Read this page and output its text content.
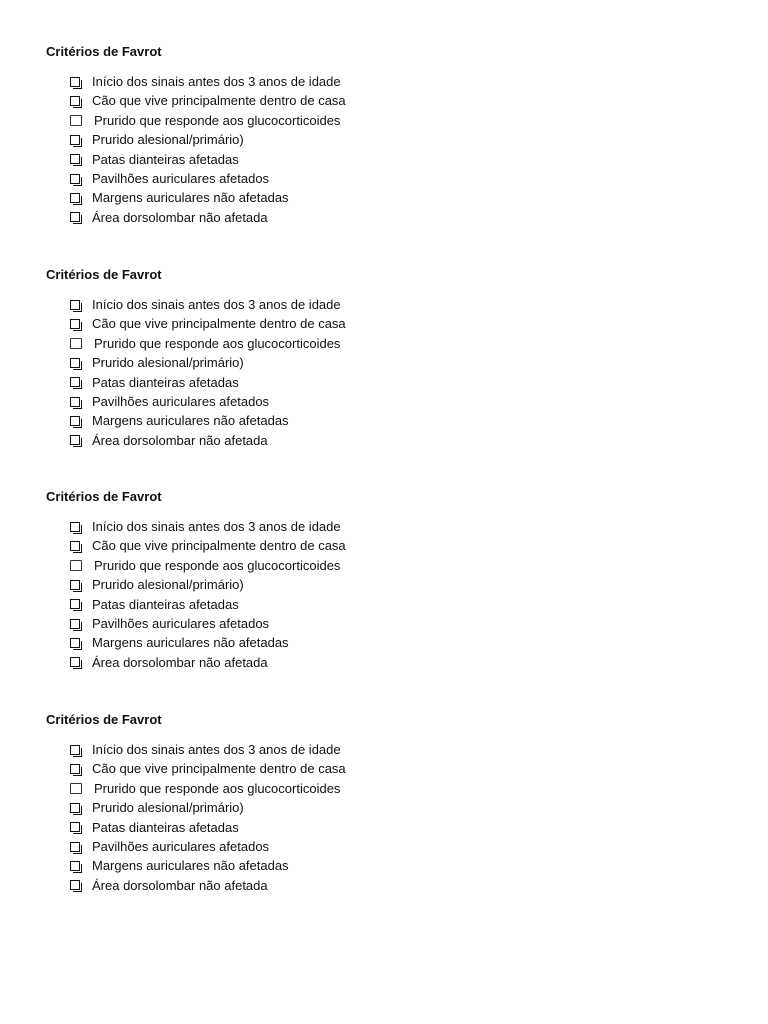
Critérios de Favrot
Início dos sinais antes dos 3 anos de idade
Cão que vive principalmente dentro de casa
Prurido que responde aos glucocorticoides
Prurido alesional/primário)
Patas dianteiras afetadas
Pavilhões auriculares afetados
Margens auriculares não afetadas
Área dorsolombar não afetada
Critérios de Favrot
Início dos sinais antes dos 3 anos de idade
Cão que vive principalmente dentro de casa
Prurido que responde aos glucocorticoides
Prurido alesional/primário)
Patas dianteiras afetadas
Pavilhões auriculares afetados
Margens auriculares não afetadas
Área dorsolombar não afetada
Critérios de Favrot
Início dos sinais antes dos 3 anos de idade
Cão que vive principalmente dentro de casa
Prurido que responde aos glucocorticoides
Prurido alesional/primário)
Patas dianteiras afetadas
Pavilhões auriculares afetados
Margens auriculares não afetadas
Área dorsolombar não afetada
Critérios de Favrot
Início dos sinais antes dos 3 anos de idade
Cão que vive principalmente dentro de casa
Prurido que responde aos glucocorticoides
Prurido alesional/primário)
Patas dianteiras afetadas
Pavilhões auriculares afetados
Margens auriculares não afetadas
Área dorsolombar não afetada
